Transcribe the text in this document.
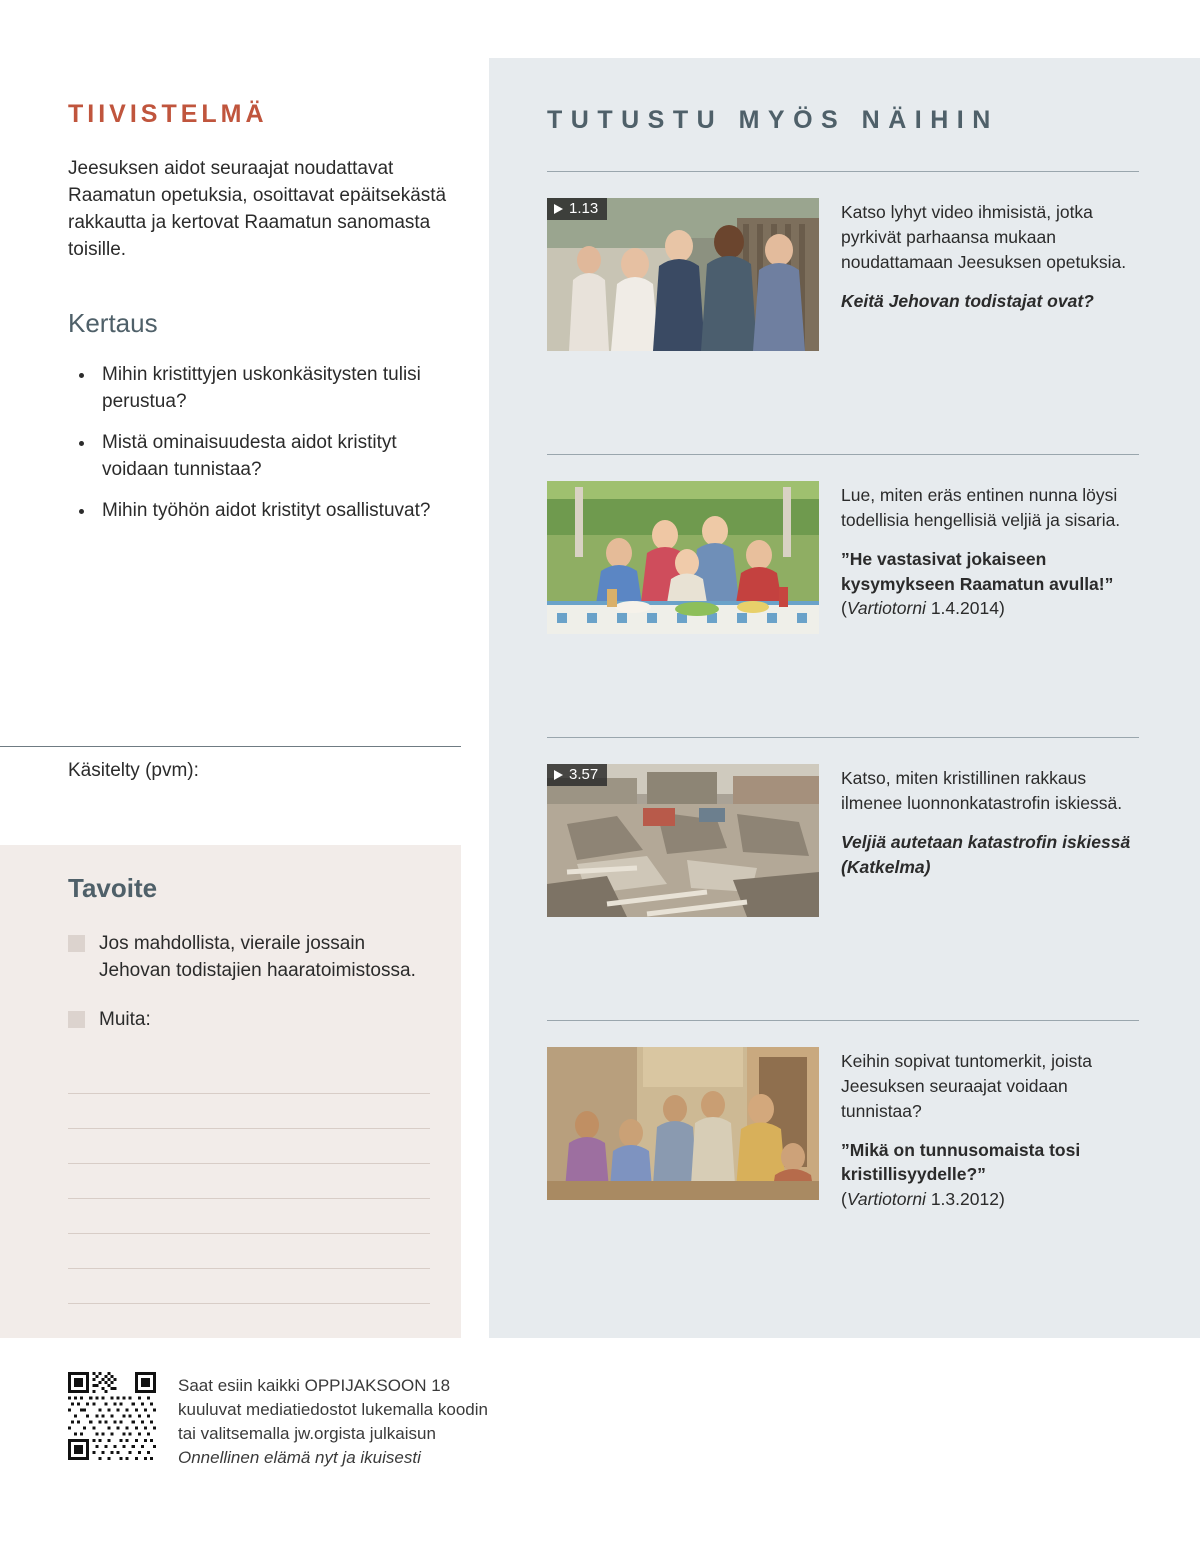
TUTUSTU MYÖS NÄIHIN
1.13	Katso lyhyt video ihmisistä, jotka pyrkivät parhaansa mukaan noudattamaan Jeesuksen opetuksia.

Keitä Jehovan todistajat ovat?

Lue, miten eräs entinen nunna löysi todellisia hengellisiä veljiä ja sisaria.

”He vastasivat jokaiseen kysymykseen Raamatun avulla!” (Vartiotorni 1.4.2014)

3.57	Katso, miten kristillinen rakkaus ilmenee luonnonkatastrofin iskiessä.

Veljiä autetaan katastrofin iskiessä (Katkelma)

Keihin sopivat tuntomerkit, joista Jeesuksen seuraajat voidaan tunnistaa?

”Mikä on tunnusomaista tosi kristillisyydelle?”
(Vartiotorni 1.3.2012)

TIIVISTELMÄ

Jeesuksen aidot seuraajat noudattavat Raamatun opetuksia, osoittavat epäitsekästä rakkautta ja kertovat Raamatun sanomasta toisille.

Kertaus
• Mihin kristittyjen uskonkäsitysten tulisi perustua?
• Mistä ominaisuudesta aidot kristityt voidaan tunnistaa?
• Mihin työhön aidot kristityt osallistuvat?
Käsitelty (pvm):
Tavoite
Jos mahdollista, vieraile jossain Jehovan todistajien haaratoimistossa.
Muita:
Saat esiin kaikki OPPIJAKSOON 18
kuuluvat mediatiedostot lukemalla koodin
tai valitsemalla jw.orgista julkaisun
Onnellinen elämä nyt ja ikuisesti
